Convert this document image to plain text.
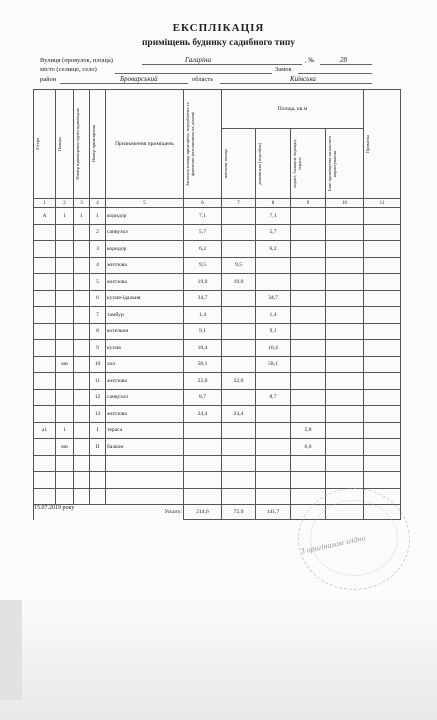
ЕКСПЛІКАЦІЯ
приміщень будинку садибного типу
Вулиця (провулок, площа)	Гагаріна	, №	28
місто (селище, село)	Замок
район	Броварський	область	Київська
Літера	Поверх	Номер приміщення групи приміщень	Номер приміщення	Призначення приміщень	Загальна площа приміщень, передбачена та фактично розташована на ділянці	Площа, кв.м				Примітка

						житлова площа	допоміжна (підсобна)	лоджії, балкони, веранди, тераси	Інші приміщення загального користування	

1	2	3	4	5	6	7	8	9	10	11
А	1	1	1	коридор	7,1		7,1			
			2	санвузол	5,7		5,7			
			3	коридор	6,2		6,2			
			4	житлова	9,5	9,5				
			5	житлова	19,0	19,0				
			6	кухня-їдальня	34,7		34,7			
			7	тамбур	1,4		1,4			
			8	котельня	9,1		9,1			
			9	кухня	10,4		10,4			
	мн		10	хол	58,1		58,1			
			11	житлова	22,0	22,0				
			12	санвузол	8,7		8,7			
			13	житлова	24,4	24,4				
а1	1		I	тераса				5,8		
	мн		II	балкон				6,6		

				Усього:	214,6	72,9	141,7			
15.07.2019 року
З оригіналом згідно
